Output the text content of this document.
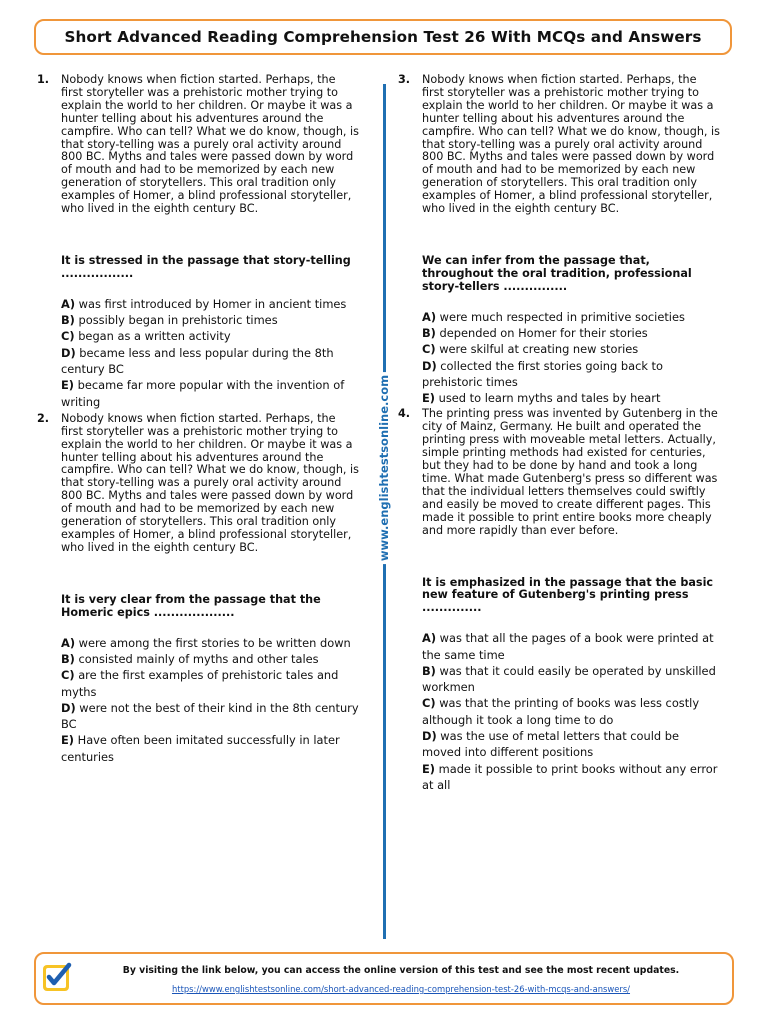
Short Advanced Reading Comprehension Test 26 With MCQs and Answers
www.englishtestsonline.com
1. Nobody knows when fiction started. Perhaps, the first storyteller was a prehistoric mother trying to explain the world to her children. Or maybe it was a hunter telling about his adventures around the campfire. Who can tell? What we do know, though, is that story-telling was a purely oral activity around 800 BC. Myths and tales were passed down by word of mouth and had to be memorized by each new generation of storytellers. This oral tradition only examples of Homer, a blind professional storyteller, who lived in the eighth century BC.

It is stressed in the passage that story-telling .................

A) was first introduced by Homer in ancient times

B) possibly began in prehistoric times

C) began as a written activity

D) became less and less popular during the 8th century BC

E) became far more popular with the invention of writing

2. Nobody knows when fiction started. Perhaps, the first storyteller was a prehistoric mother trying to explain the world to her children. Or maybe it was a hunter telling about his adventures around the campfire. Who can tell? What we do know, though, is that story-telling was a purely oral activity around 800 BC. Myths and tales were passed down by word of mouth and had to be memorized by each new generation of storytellers. This oral tradition only examples of Homer, a blind professional storyteller, who lived in the eighth century BC.

It is very clear from the passage that the Homeric epics ...................

A) were among the first stories to be written down

B) consisted mainly of myths and other tales

C) are the first examples of prehistoric tales and myths

D) were not the best of their kind in the 8th century BC

E) Have often been imitated successfully in later centuries

3. Nobody knows when fiction started. Perhaps, the first storyteller was a prehistoric mother trying to explain the world to her children. Or maybe it was a hunter telling about his adventures around the campfire. Who can tell? What we do know, though, is that story-telling was a purely oral activity around 800 BC. Myths and tales were passed down by word of mouth and had to be memorized by each new generation of storytellers. This oral tradition only examples of Homer, a blind professional storyteller, who lived in the eighth century BC.

We can infer from the passage that, throughout the oral tradition, professional story-tellers ...............

A) were much respected in primitive societies

B) depended on Homer for their stories

C) were skilful at creating new stories

D) collected the first stories going back to prehistoric times

E) used to learn myths and tales by heart

4. The printing press was invented by Gutenberg in the city of Mainz, Germany. He built and operated the printing press with moveable metal letters. Actually, simple printing methods had existed for centuries, but they had to be done by hand and took a long time. What made Gutenberg's press so different was that the individual letters themselves could swiftly and easily be moved to create different pages. This made it possible to print entire books more cheaply and more rapidly than ever before.

It is emphasized in the passage that the basic new feature of Gutenberg's printing press ..............

A) was that all the pages of a book were printed at the same time

B) was that it could easily be operated by unskilled workmen

C) was that the printing of books was less costly although it took a long time to do

D) was the use of metal letters that could be moved into different positions

E) made it possible to print books without any error at all

By visiting the link below, you can access the online version of this test and see the most recent updates.
https://www.englishtestsonline.com/short-advanced-reading-comprehension-test-26-with-mcqs-and-answers/
